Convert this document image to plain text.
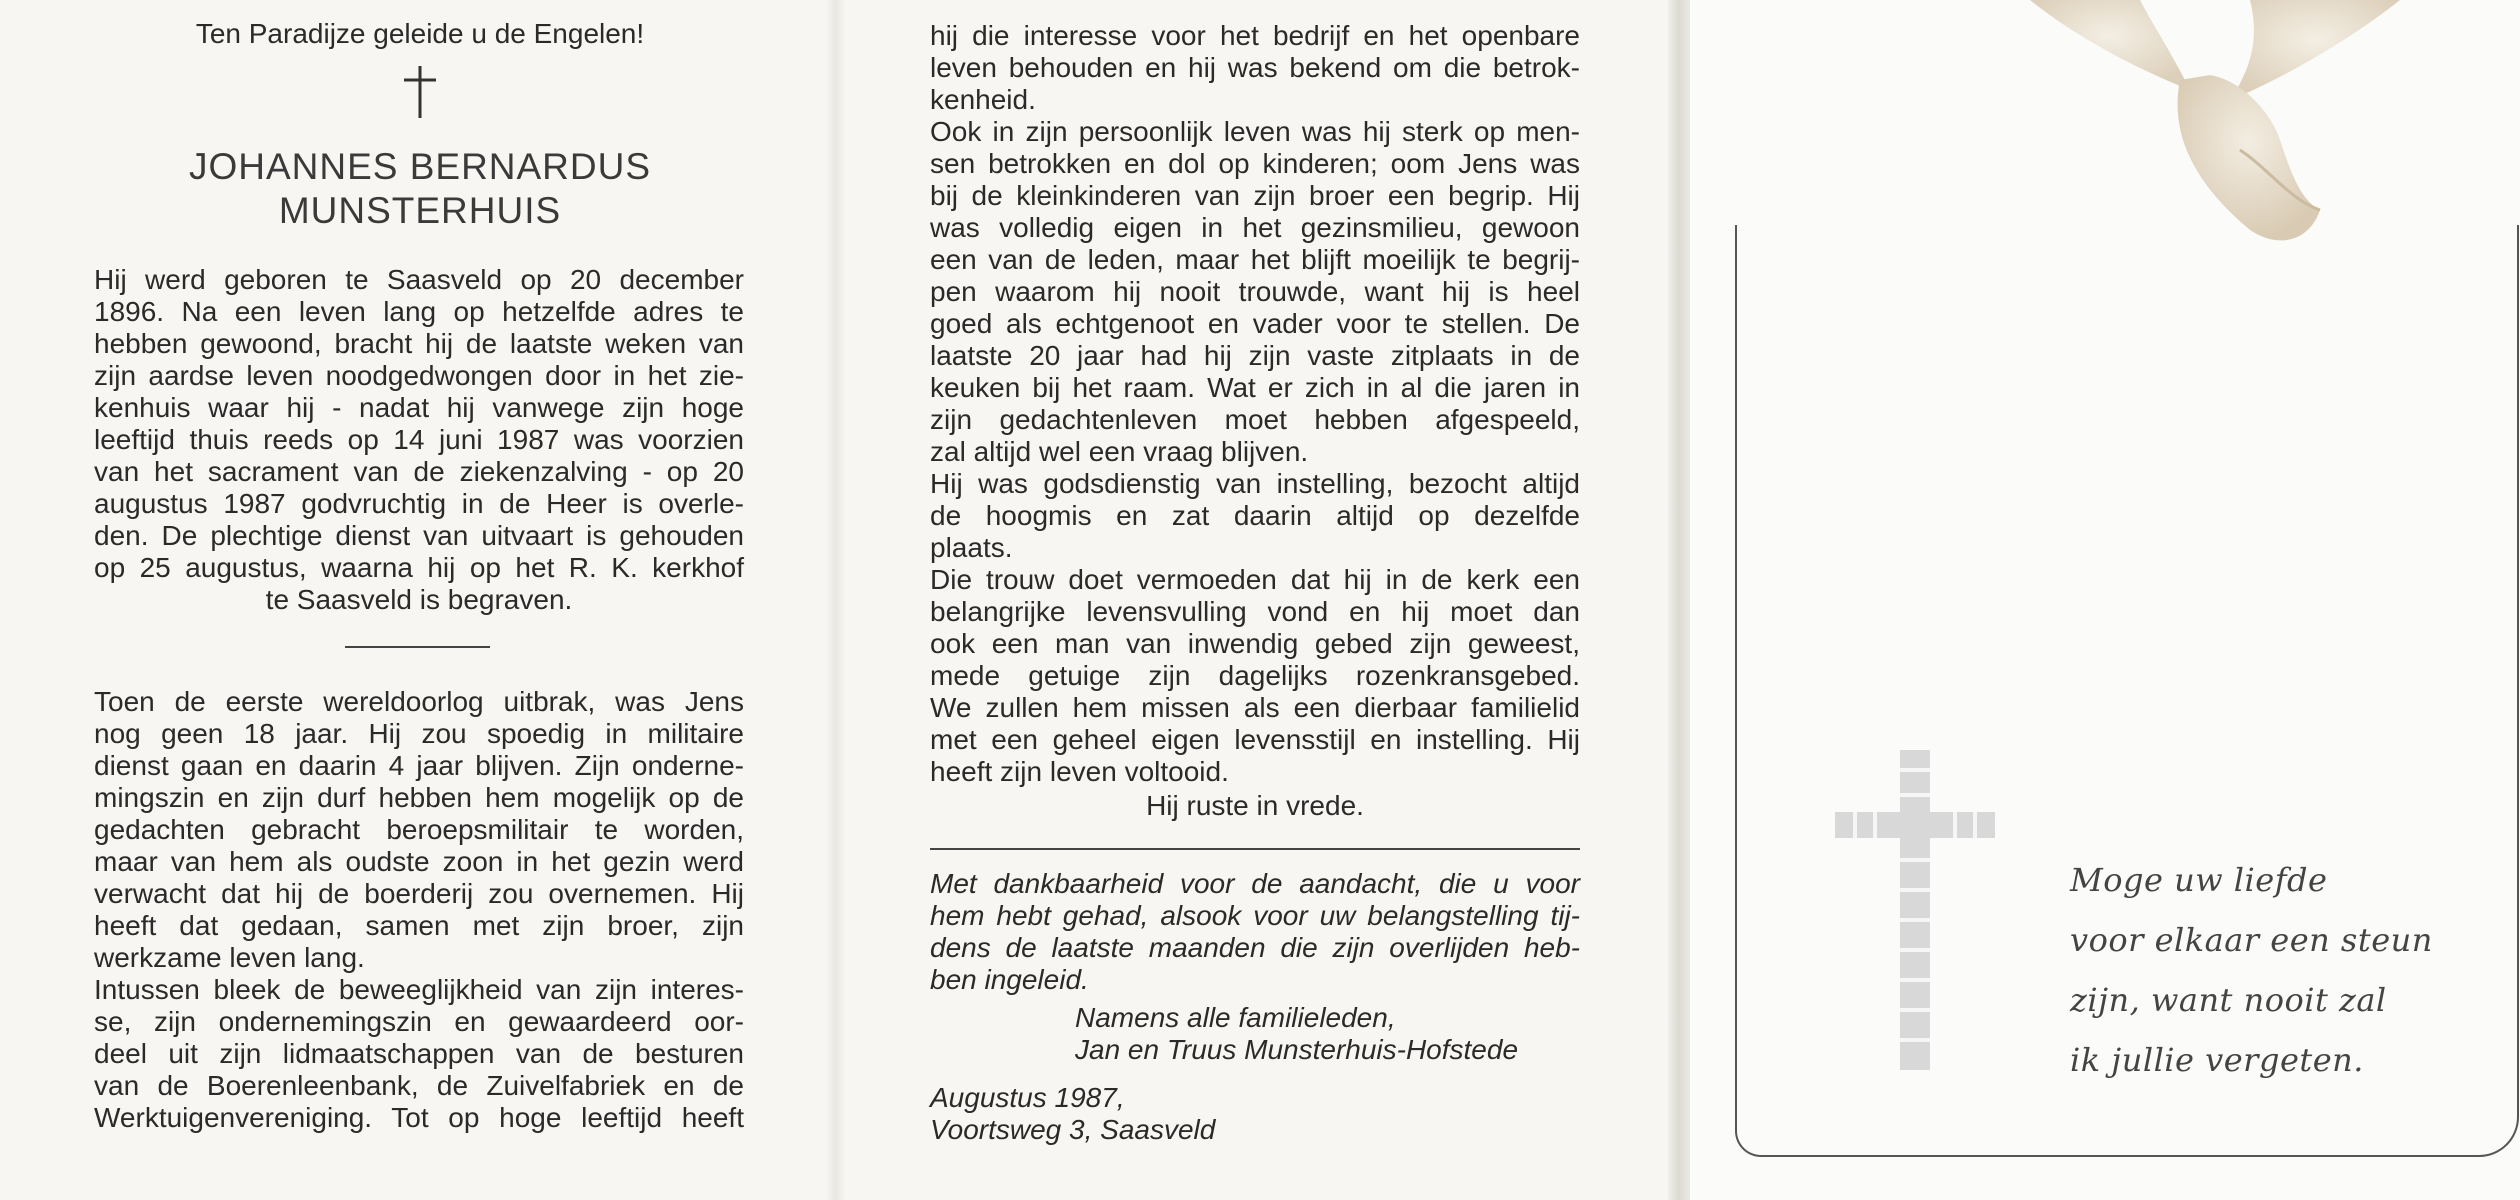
Ten Paradijze geleide u de Engelen!
JOHANNES BERNARDUS
MUNSTERHUIS
Hij werd geboren te Saasveld op 20 december
1896. Na een leven lang op hetzelfde adres te
hebben gewoond, bracht hij de laatste weken van
zijn aardse leven noodgedwongen door in het zie-
kenhuis waar hij - nadat hij vanwege zijn hoge
leeftijd thuis reeds op 14 juni 1987 was voorzien
van het sacrament van de ziekenzalving - op 20
augustus 1987 godvruchtig in de Heer is overle-
den. De plechtige dienst van uitvaart is gehouden
op 25 augustus, waarna hij op het R. K. kerkhof
te Saasveld is begraven.
Toen de eerste wereldoorlog uitbrak, was Jens
nog geen 18 jaar. Hij zou spoedig in militaire
dienst gaan en daarin 4 jaar blijven. Zijn onderne-
mingszin en zijn durf hebben hem mogelijk op de
gedachten gebracht beroepsmilitair te worden,
maar van hem als oudste zoon in het gezin werd
verwacht dat hij de boerderij zou overnemen. Hij
heeft dat gedaan, samen met zijn broer, zijn
werkzame leven lang.
Intussen bleek de beweeglijkheid van zijn interes-
se, zijn ondernemingszin en gewaardeerd oor-
deel uit zijn lidmaatschappen van de besturen
van de Boerenleenbank, de Zuivelfabriek en de
Werktuigenvereniging. Tot op hoge leeftijd heeft
hij die interesse voor het bedrijf en het openbare
leven behouden en hij was bekend om die betrok-
kenheid.
Ook in zijn persoonlijk leven was hij sterk op men-
sen betrokken en dol op kinderen; oom Jens was
bij de kleinkinderen van zijn broer een begrip. Hij
was volledig eigen in het gezinsmilieu, gewoon
een van de leden, maar het blijft moeilijk te begrij-
pen waarom hij nooit trouwde, want hij is heel
goed als echtgenoot en vader voor te stellen. De
laatste 20 jaar had hij zijn vaste zitplaats in de
keuken bij het raam. Wat er zich in al die jaren in
zijn gedachtenleven moet hebben afgespeeld,
zal altijd wel een vraag blijven.
Hij was godsdienstig van instelling, bezocht altijd
de hoogmis en zat daarin altijd op dezelfde
plaats.
Die trouw doet vermoeden dat hij in de kerk een
belangrijke levensvulling vond en hij moet dan
ook een man van inwendig gebed zijn geweest,
mede getuige zijn dagelijks rozenkransgebed.
We zullen hem missen als een dierbaar familielid
met een geheel eigen levensstijl en instelling. Hij
heeft zijn leven voltooid.
Hij ruste in vrede.
Met dankbaarheid voor de aandacht, die u voor
hem hebt gehad, alsook voor uw belangstelling tij-
dens de laatste maanden die zijn overlijden heb-
ben ingeleid.
Namens alle familieleden,
Jan en Truus Munsterhuis-Hofstede
Augustus 1987,
Voortsweg 3, Saasveld
Moge uw liefde
voor elkaar een steun
zijn, want nooit zal
ik jullie vergeten.
